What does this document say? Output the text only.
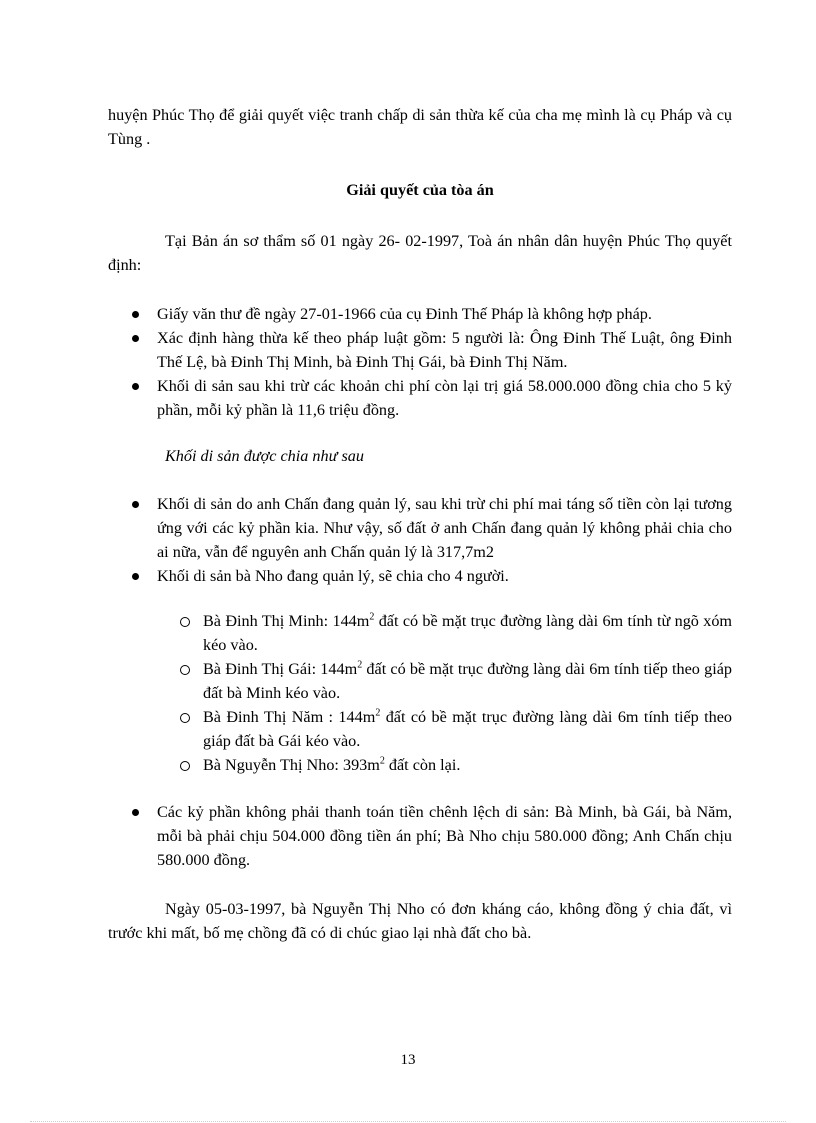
huyện Phúc Thọ để giải quyết việc tranh chấp di sản thừa kế của cha mẹ mình là cụ Pháp và cụ Tùng .

Giải quyết của tòa án

Tại Bản án sơ thẩm số 01 ngày 26- 02-1997, Toà án nhân dân huyện Phúc Thọ quyết định:

Giấy văn thư đề ngày 27-01-1966 của cụ Đinh Thế Pháp là không hợp pháp.
Xác định hàng thừa kế theo pháp luật gồm: 5 người là: Ông Đinh Thế Luật, ông Đinh Thế Lệ, bà Đinh Thị Minh, bà Đinh Thị Gái, bà Đinh Thị Năm.
Khối di sản sau khi trừ các khoản chi phí còn lại trị giá 58.000.000 đồng chia cho 5 kỷ phần, mỗi kỷ phần là 11,6 triệu đồng.

Khối di sản được chia như sau

Khối di sản do anh Chấn đang quản lý, sau khi trừ chi phí mai táng số tiền còn lại tương ứng với các kỷ phần kia. Như vậy, số đất ở anh Chấn đang quản lý không phải chia cho ai nữa, vẫn để nguyên anh Chấn quản lý là 317,7m2
Khối di sản bà Nho đang quản lý, sẽ chia cho 4 người.
Bà Đinh Thị Minh: $144m^2$ đất có bề mặt trục đường làng dài 6m tính từ ngõ xóm kéo vào.
Bà Đinh Thị Gái: $144m^2$ đất có bề mặt trục đường làng dài 6m tính tiếp theo giáp đất bà Minh kéo vào.
Bà Đinh Thị Năm : $144m^2$ đất có bề mặt trục đường làng dài 6m tính tiếp theo giáp đất bà Gái kéo vào.
Bà Nguyễn Thị Nho: $393m^2$ đất còn lại.
Các kỷ phần không phải thanh toán tiền chênh lệch di sản: Bà Minh, bà Gái, bà Năm, mỗi bà phải chịu 504.000 đồng tiền án phí; Bà Nho chịu 580.000 đồng; Anh Chấn chịu 580.000 đồng.

Ngày 05-03-1997, bà Nguyễn Thị Nho có đơn kháng cáo, không đồng ý chia đất, vì trước khi mất, bố mẹ chồng đã có di chúc giao lại nhà đất cho bà.

13
